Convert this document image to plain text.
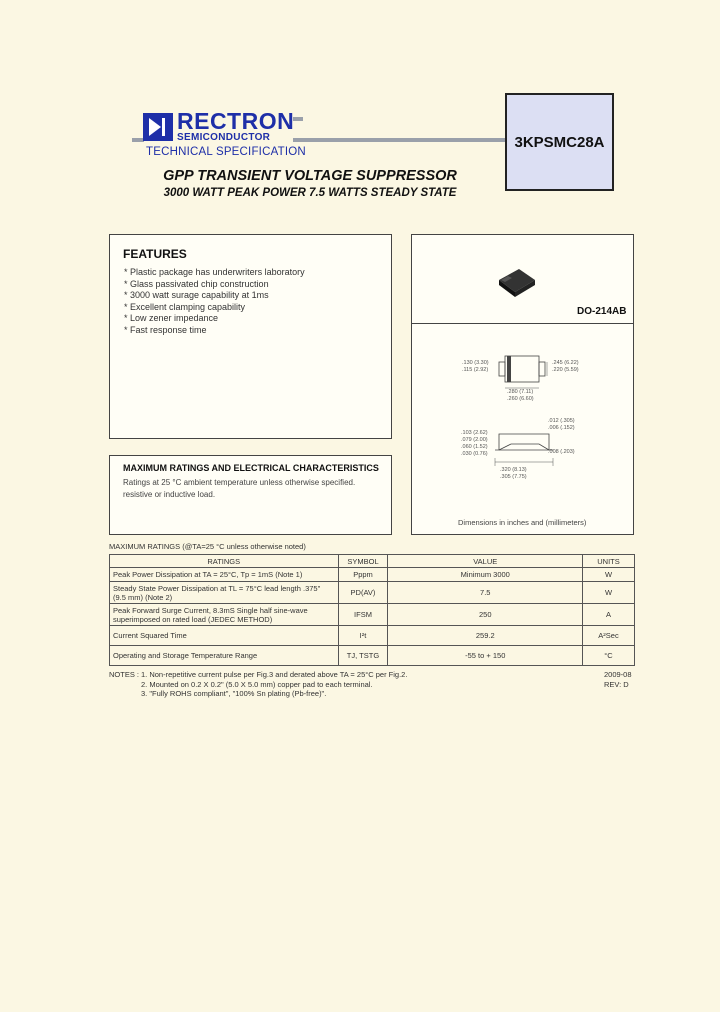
RECTRON
SEMICONDUCTOR
TECHNICAL SPECIFICATION
3KPSMC28A
GPP TRANSIENT VOLTAGE SUPPRESSOR
3000 WATT PEAK POWER 7.5 WATTS STEADY STATE
FEATURES
* Plastic package has underwriters laboratory
* Glass passivated chip construction
* 3000 watt surage capability at 1ms
* Excellent clamping capability
* Low zener impedance
* Fast response time
MAXIMUM RATINGS AND ELECTRICAL CHARACTERISTICS
Ratings at 25 °C ambient temperature unless otherwise specified. resistive or inductive load.
DO-214AB
.130 (3.30)
.115 (2.92)
.245 (6.22)
.220 (5.59)
.280 (7.11)
.260 (6.60)
.012 (.305)
.006 (.152)
.103 (2.62)
.079 (2.00)
.060 (1.52)
.030 (0.76)	.008 (.203)
.320 (8.13)
.305 (7.75)
Dimensions in inches and (millimeters)
MAXIMUM RATINGS (@TA=25 °C unless otherwise noted)
RATINGS	SYMBOL	VALUE	UNITS
Peak Power Dissipation at TA = 25°C, Tp = 1mS (Note 1)	Pppm	Minimum 3000	W
Steady State Power Dissipation at TL = 75°C lead length .375" (9.5 mm) (Note 2)	PD(AV)	7.5	W
Peak Forward Surge Current, 8.3mS Single half sine-wave superimposed on rated load (JEDEC METHOD)	IFSM	250	A
Current Squared Time	I²t	259.2	A²Sec
Operating and Storage Temperature Range	TJ, TSTG	-55 to + 150	°C
NOTES : 1. Non-repetitive current pulse per Fig.3 and derated above TA = 25°C per Fig.2.
2. Mounted on 0.2 X 0.2" (5.0 X 5.0 mm) copper pad to each terminal.
3. "Fully ROHS compliant", "100% Sn plating (Pb-free)".
2009-08
REV: D
